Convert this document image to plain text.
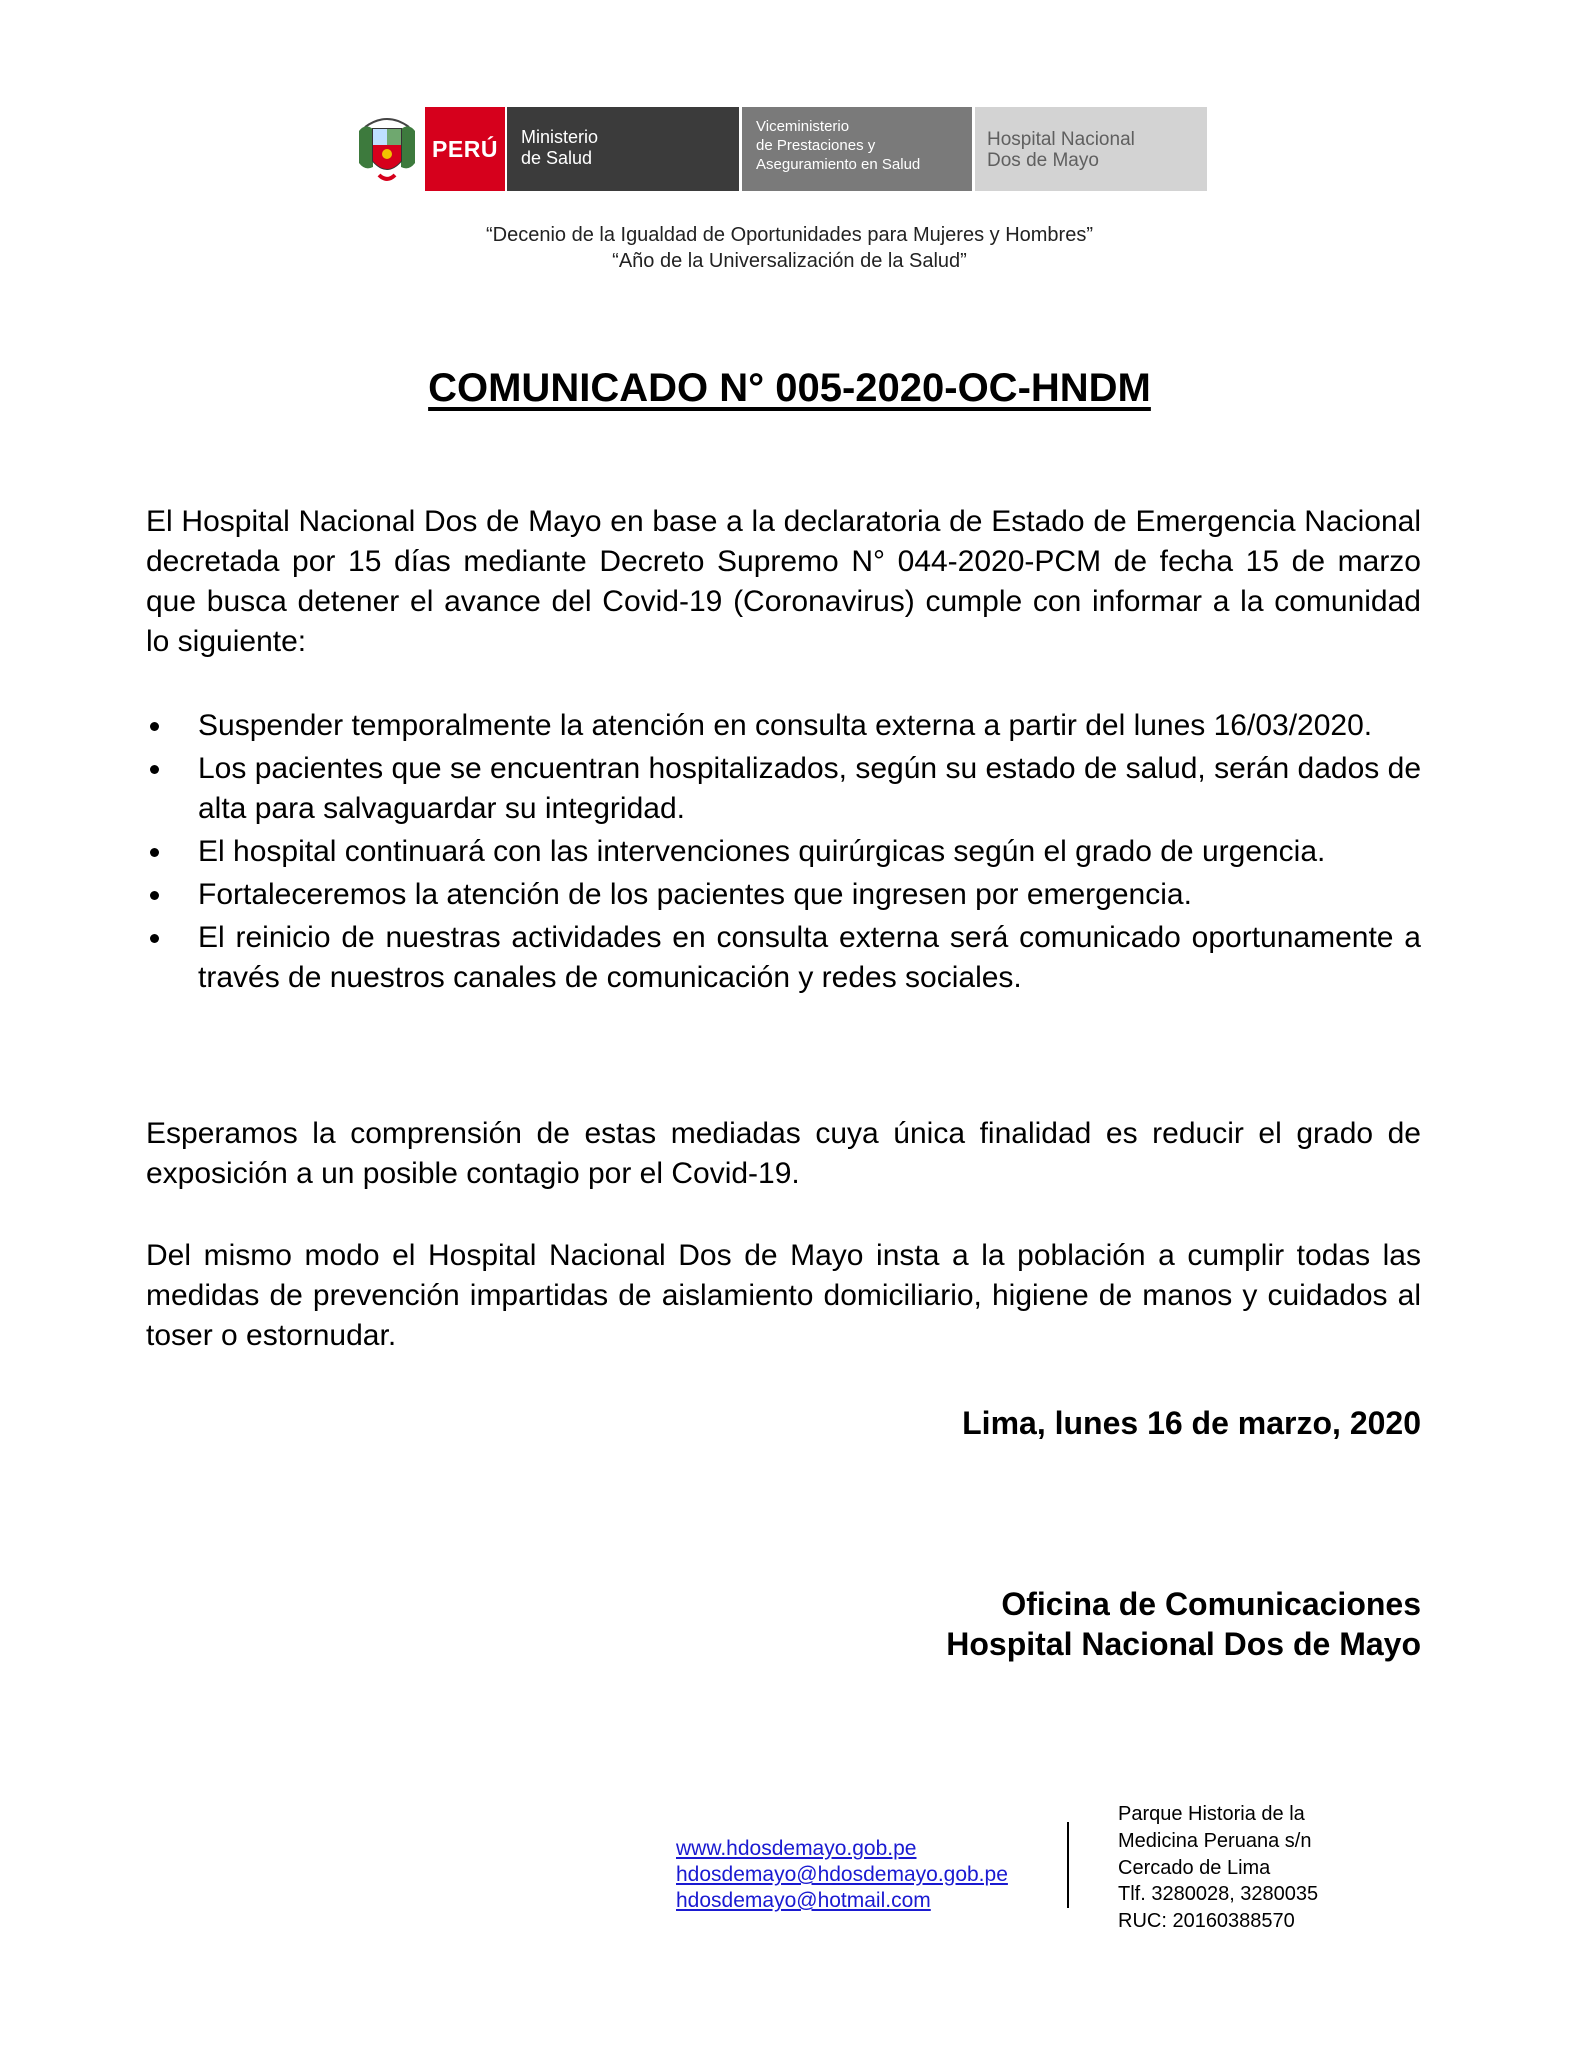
PERÚ Ministerio
de Salud
Viceministerio
de Prestaciones y
Aseguramiento en Salud
Hospital Nacional
Dos de Mayo
“Decenio de la Igualdad de Oportunidades para Mujeres y Hombres”
“Año de la Universalización de la Salud”
COMUNICADO N° 005-2020-OC-HNDM
El Hospital Nacional Dos de Mayo en base a la declaratoria de Estado de Emergencia Nacional decretada por 15 días mediante Decreto Supremo N° 044-2020-PCM de fecha 15 de marzo que busca detener el avance del Covid-19 (Coronavirus) cumple con informar a la comunidad lo siguiente:
Suspender temporalmente la atención en consulta externa a partir del lunes 16/03/2020.
Los pacientes que se encuentran hospitalizados, según su estado de salud, serán dados de alta para salvaguardar su integridad.
El hospital continuará con las intervenciones quirúrgicas según el grado de urgencia.
Fortaleceremos la atención de los pacientes que ingresen por emergencia.
El reinicio de nuestras actividades en consulta externa será comunicado oportunamente a través de nuestros canales de comunicación y redes sociales.
Esperamos la comprensión de estas mediadas cuya única finalidad es reducir el grado de exposición a un posible contagio por el Covid-19.
Del mismo modo el Hospital Nacional Dos de Mayo insta a la población a cumplir todas las medidas de prevención impartidas de aislamiento domiciliario, higiene de manos y cuidados al toser o estornudar.
Lima, lunes 16 de marzo, 2020
Oficina de Comunicaciones
Hospital Nacional Dos de Mayo
www.hdosdemayo.gob.pe
hdosdemayo@hdosdemayo.gob.pe
hdosdemayo@hotmail.com
Parque Historia de la
Medicina Peruana s/n
Cercado de Lima
Tlf. 3280028, 3280035
RUC: 20160388570
